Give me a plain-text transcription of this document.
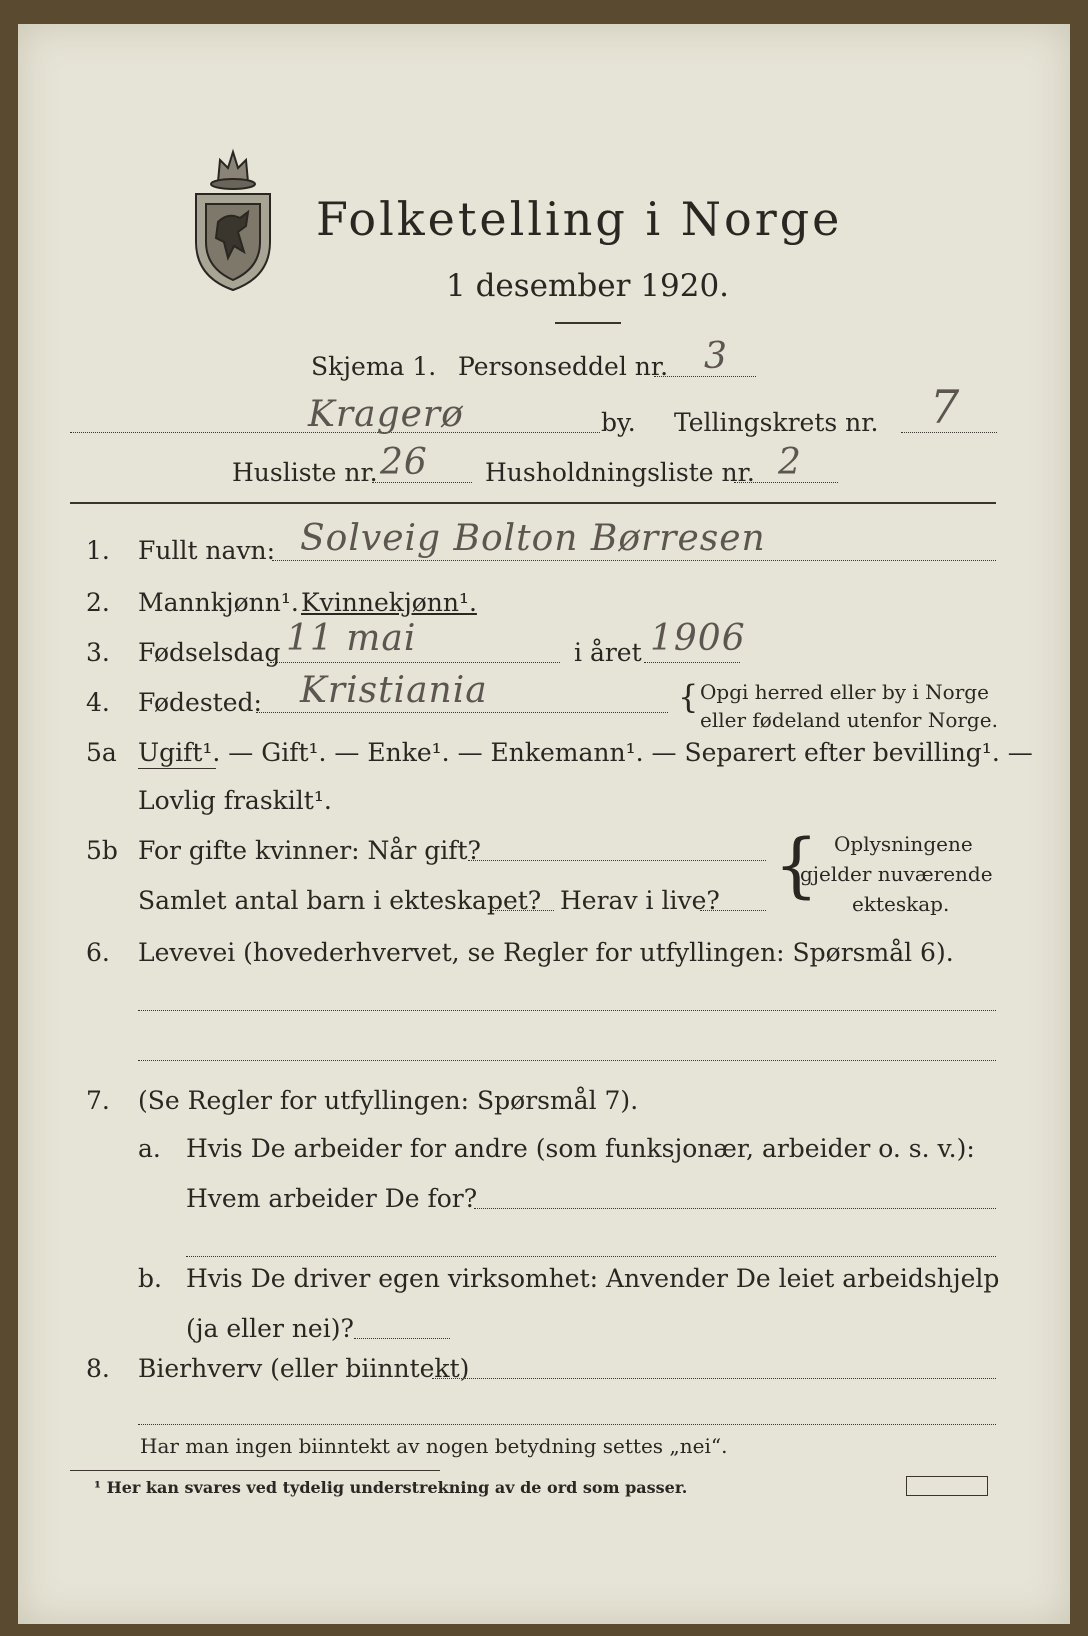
Folketelling i Norge
1 desember 1920.
Skjema 1. Personseddel nr. 3
Kragerø	by. Tellingskrets nr. 7
Husliste nr. 26 Husholdningsliste nr. 2
1. Fullt navn: Solveig Bolton Børresen
2. Mannkjønn¹. Kvinnekjønn¹.
3. Fødselsdag 11 mai	i året 1906
4. Fødested: Kristiania	{ Opgi herred eller by i Norge
eller fødeland utenfor Norge.
5a Ugift¹. — Gift¹. — Enke¹. — Enkemann¹. — Separert efter bevilling¹. —
Lovlig fraskilt¹.
5b For gifte kvinner: Når gift?
Samlet antal barn i ekteskapet? Herav i live? { Oplysningene
gjelder nuværende
ekteskap.
6. Levevei (hovederhvervet, se Regler for utfyllingen: Spørsmål 6).
7. (Se Regler for utfyllingen: Spørsmål 7).
a. Hvis De arbeider for andre (som funksjonær, arbeider o. s. v.):
Hvem arbeider De for?
b. Hvis De driver egen virksomhet: Anvender De leiet arbeidshjelp
(ja eller nei)?
8. Bierhverv (eller biinntekt)
Har man ingen biinntekt av nogen betydning settes „nei“.
¹ Her kan svares ved tydelig understrekning av de ord som passer.
